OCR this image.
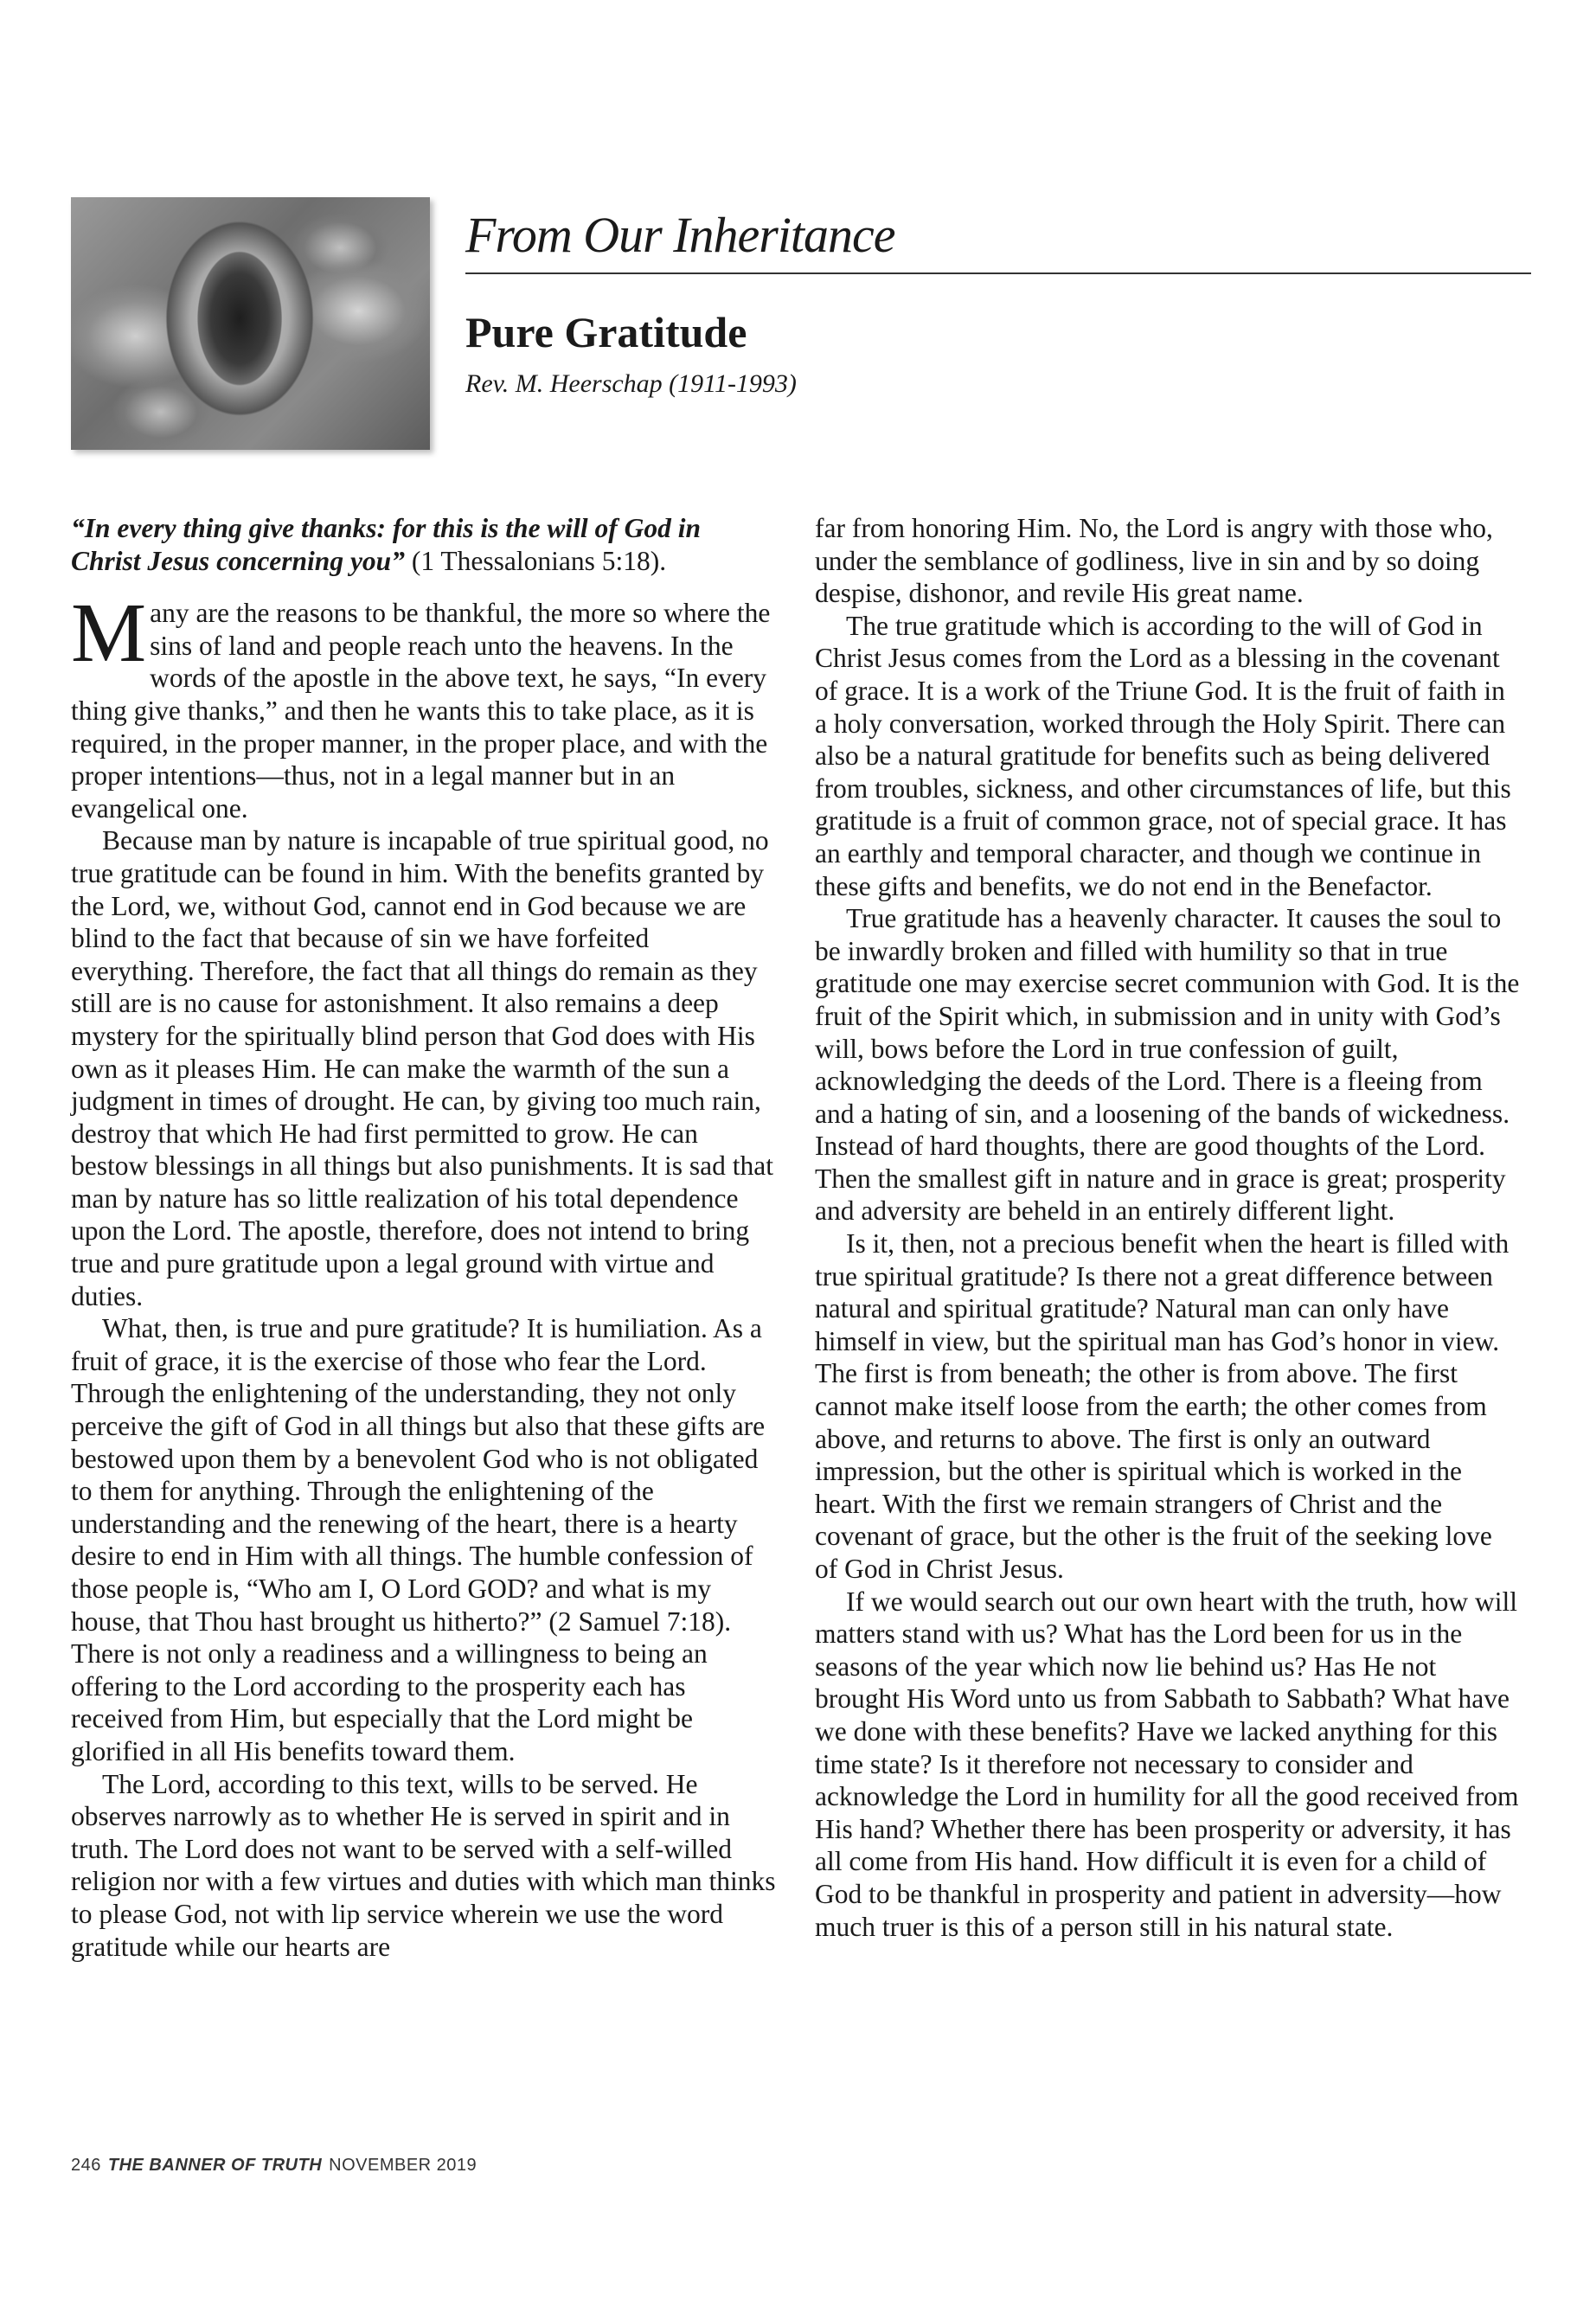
From Our Inheritance
Pure Gratitude

Rev. M. Heerschap (1911-1993)

“In every thing give thanks: for this is the will of God in Christ Jesus concerning you” (1 Thessalonians 5:18).

Many are the reasons to be thankful, the more so where the sins of land and people reach unto the heavens. In the words of the apostle in the above text, he says, “In every thing give thanks,” and then he wants this to take place, as it is required, in the proper manner, in the proper place, and with the proper intentions—thus, not in a legal manner but in an evangelical one.

Because man by nature is incapable of true spiritual good, no true gratitude can be found in him. With the benefits granted by the Lord, we, without God, cannot end in God because we are blind to the fact that because of sin we have forfeited everything. Therefore, the fact that all things do remain as they still are is no cause for astonishment. It also remains a deep mystery for the spiritually blind person that God does with His own as it pleases Him. He can make the warmth of the sun a judgment in times of drought. He can, by giving too much rain, destroy that which He had first permitted to grow. He can bestow blessings in all things but also punishments. It is sad that man by nature has so little realization of his total dependence upon the Lord. The apostle, therefore, does not intend to bring true and pure gratitude upon a legal ground with virtue and duties.

What, then, is true and pure gratitude? It is humiliation. As a fruit of grace, it is the exercise of those who fear the Lord. Through the enlightening of the understanding, they not only perceive the gift of God in all things but also that these gifts are bestowed upon them by a benevolent God who is not obligated to them for anything. Through the enlightening of the understanding and the renewing of the heart, there is a hearty desire to end in Him with all things. The humble confession of those people is, “Who am I, O Lord GOD? and what is my house, that Thou hast brought us hitherto?” (2 Samuel 7:18). There is not only a readiness and a willingness to being an offering to the Lord according to the prosperity each has received from Him, but especially that the Lord might be glorified in all His benefits toward them.

The Lord, according to this text, wills to be served. He observes narrowly as to whether He is served in spirit and in truth. The Lord does not want to be served with a self-willed religion nor with a few virtues and duties with which man thinks to please God, not with lip service wherein we use the word gratitude while our hearts are

far from honoring Him. No, the Lord is angry with those who, under the semblance of godliness, live in sin and by so doing despise, dishonor, and revile His great name.

The true gratitude which is according to the will of God in Christ Jesus comes from the Lord as a blessing in the covenant of grace. It is a work of the Triune God. It is the fruit of faith in a holy conversation, worked through the Holy Spirit. There can also be a natural gratitude for benefits such as being delivered from troubles, sickness, and other circumstances of life, but this gratitude is a fruit of common grace, not of special grace. It has an earthly and temporal character, and though we continue in these gifts and benefits, we do not end in the Benefactor.

True gratitude has a heavenly character. It causes the soul to be inwardly broken and filled with humility so that in true gratitude one may exercise secret communion with God. It is the fruit of the Spirit which, in submission and in unity with God’s will, bows before the Lord in true confession of guilt, acknowledging the deeds of the Lord. There is a fleeing from and a hating of sin, and a loosening of the bands of wickedness. Instead of hard thoughts, there are good thoughts of the Lord. Then the smallest gift in nature and in grace is great; prosperity and adversity are beheld in an entirely different light.

Is it, then, not a precious benefit when the heart is filled with true spiritual gratitude? Is there not a great difference between natural and spiritual gratitude? Natural man can only have himself in view, but the spiritual man has God’s honor in view. The first is from beneath; the other is from above. The first cannot make itself loose from the earth; the other comes from above, and returns to above. The first is only an outward impression, but the other is spiritual which is worked in the heart. With the first we remain strangers of Christ and the covenant of grace, but the other is the fruit of the seeking love of God in Christ Jesus.

If we would search out our own heart with the truth, how will matters stand with us? What has the Lord been for us in the seasons of the year which now lie behind us? Has He not brought His Word unto us from Sabbath to Sabbath? What have we done with these benefits? Have we lacked anything for this time state? Is it therefore not necessary to consider and acknowledge the Lord in humility for all the good received from His hand? Whether there has been prosperity or adversity, it has all come from His hand. How difficult it is even for a child of God to be thankful in prosperity and patient in adversity—how much truer is this of a person still in his natural state.

246 THE BANNER OF TRUTH NOVEMBER 2019
